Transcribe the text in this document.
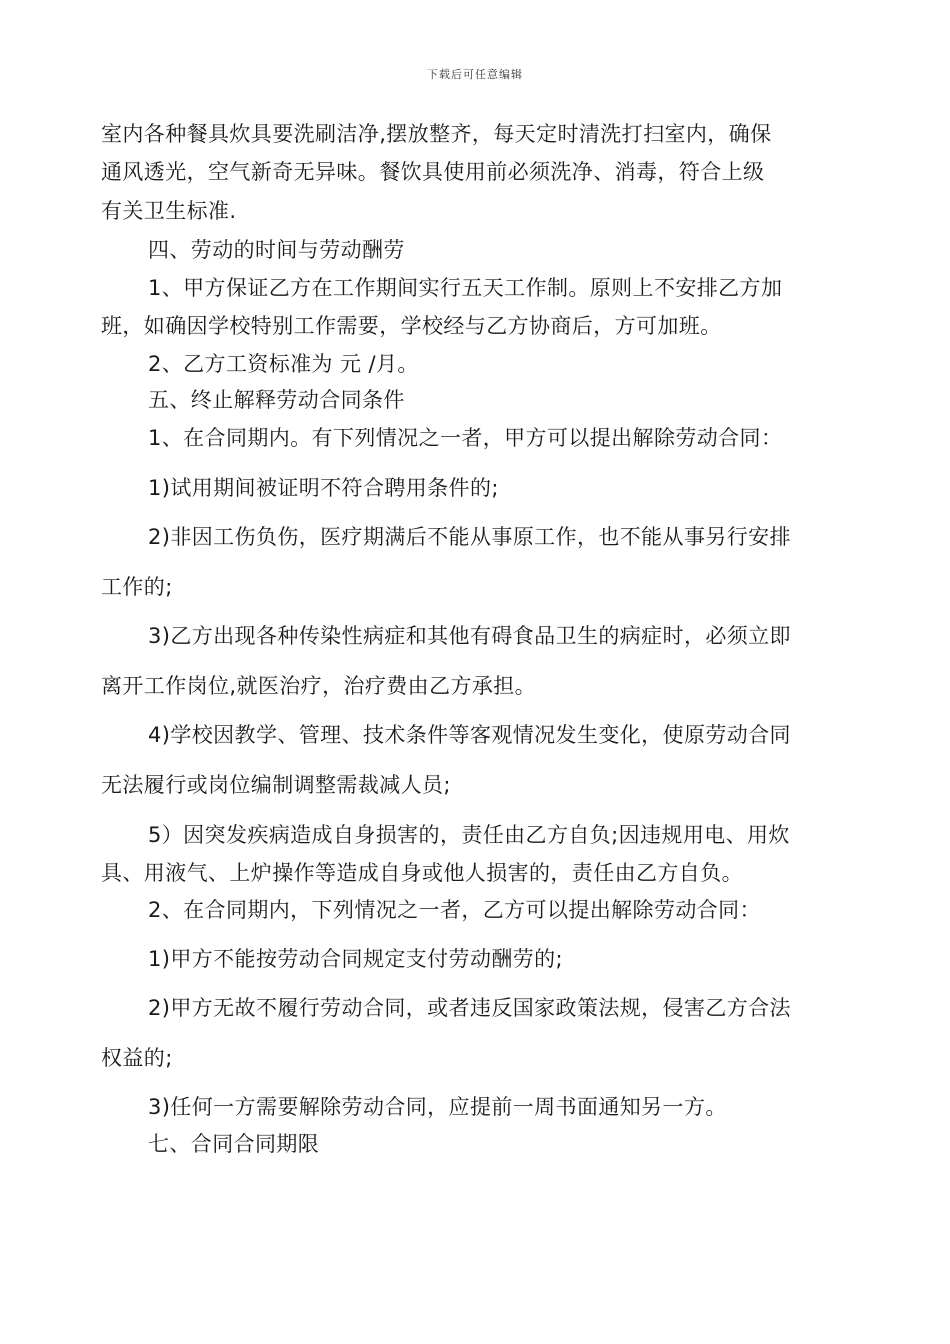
下载后可任意编辑
室内各种餐具炊具要洗刷洁净,摆放整齐，每天定时清洗打扫室内，确保
通风透光，空气新奇无异味。餐饮具使用前必须洗净、消毒，符合上级
有关卫生标准.
四、劳动的时间与劳动酬劳
1、甲方保证乙方在工作期间实行五天工作制。原则上不安排乙方加
班，如确因学校特别工作需要，学校经与乙方协商后，方可加班。
2、乙方工资标准为 元 /月。
五、终止解释劳动合同条件
1、在合同期内。有下列情况之一者，甲方可以提出解除劳动合同：
1)试用期间被证明不符合聘用条件的;
2)非因工伤负伤，医疗期满后不能从事原工作，也不能从事另行安排
工作的;
3)乙方出现各种传染性病症和其他有碍食品卫生的病症时，必须立即
离开工作岗位,就医治疗，治疗费由乙方承担。
4)学校因教学、管理、技术条件等客观情况发生变化，使原劳动合同
无法履行或岗位编制调整需裁减人员;
5）因突发疾病造成自身损害的，责任由乙方自负;因违规用电、用炊
具、用液气、上炉操作等造成自身或他人损害的，责任由乙方自负。
2、在合同期内，下列情况之一者，乙方可以提出解除劳动合同：
1)甲方不能按劳动合同规定支付劳动酬劳的;
2)甲方无故不履行劳动合同，或者违反国家政策法规，侵害乙方合法
权益的;
3)任何一方需要解除劳动合同，应提前一周书面通知另一方。
七、合同合同期限
